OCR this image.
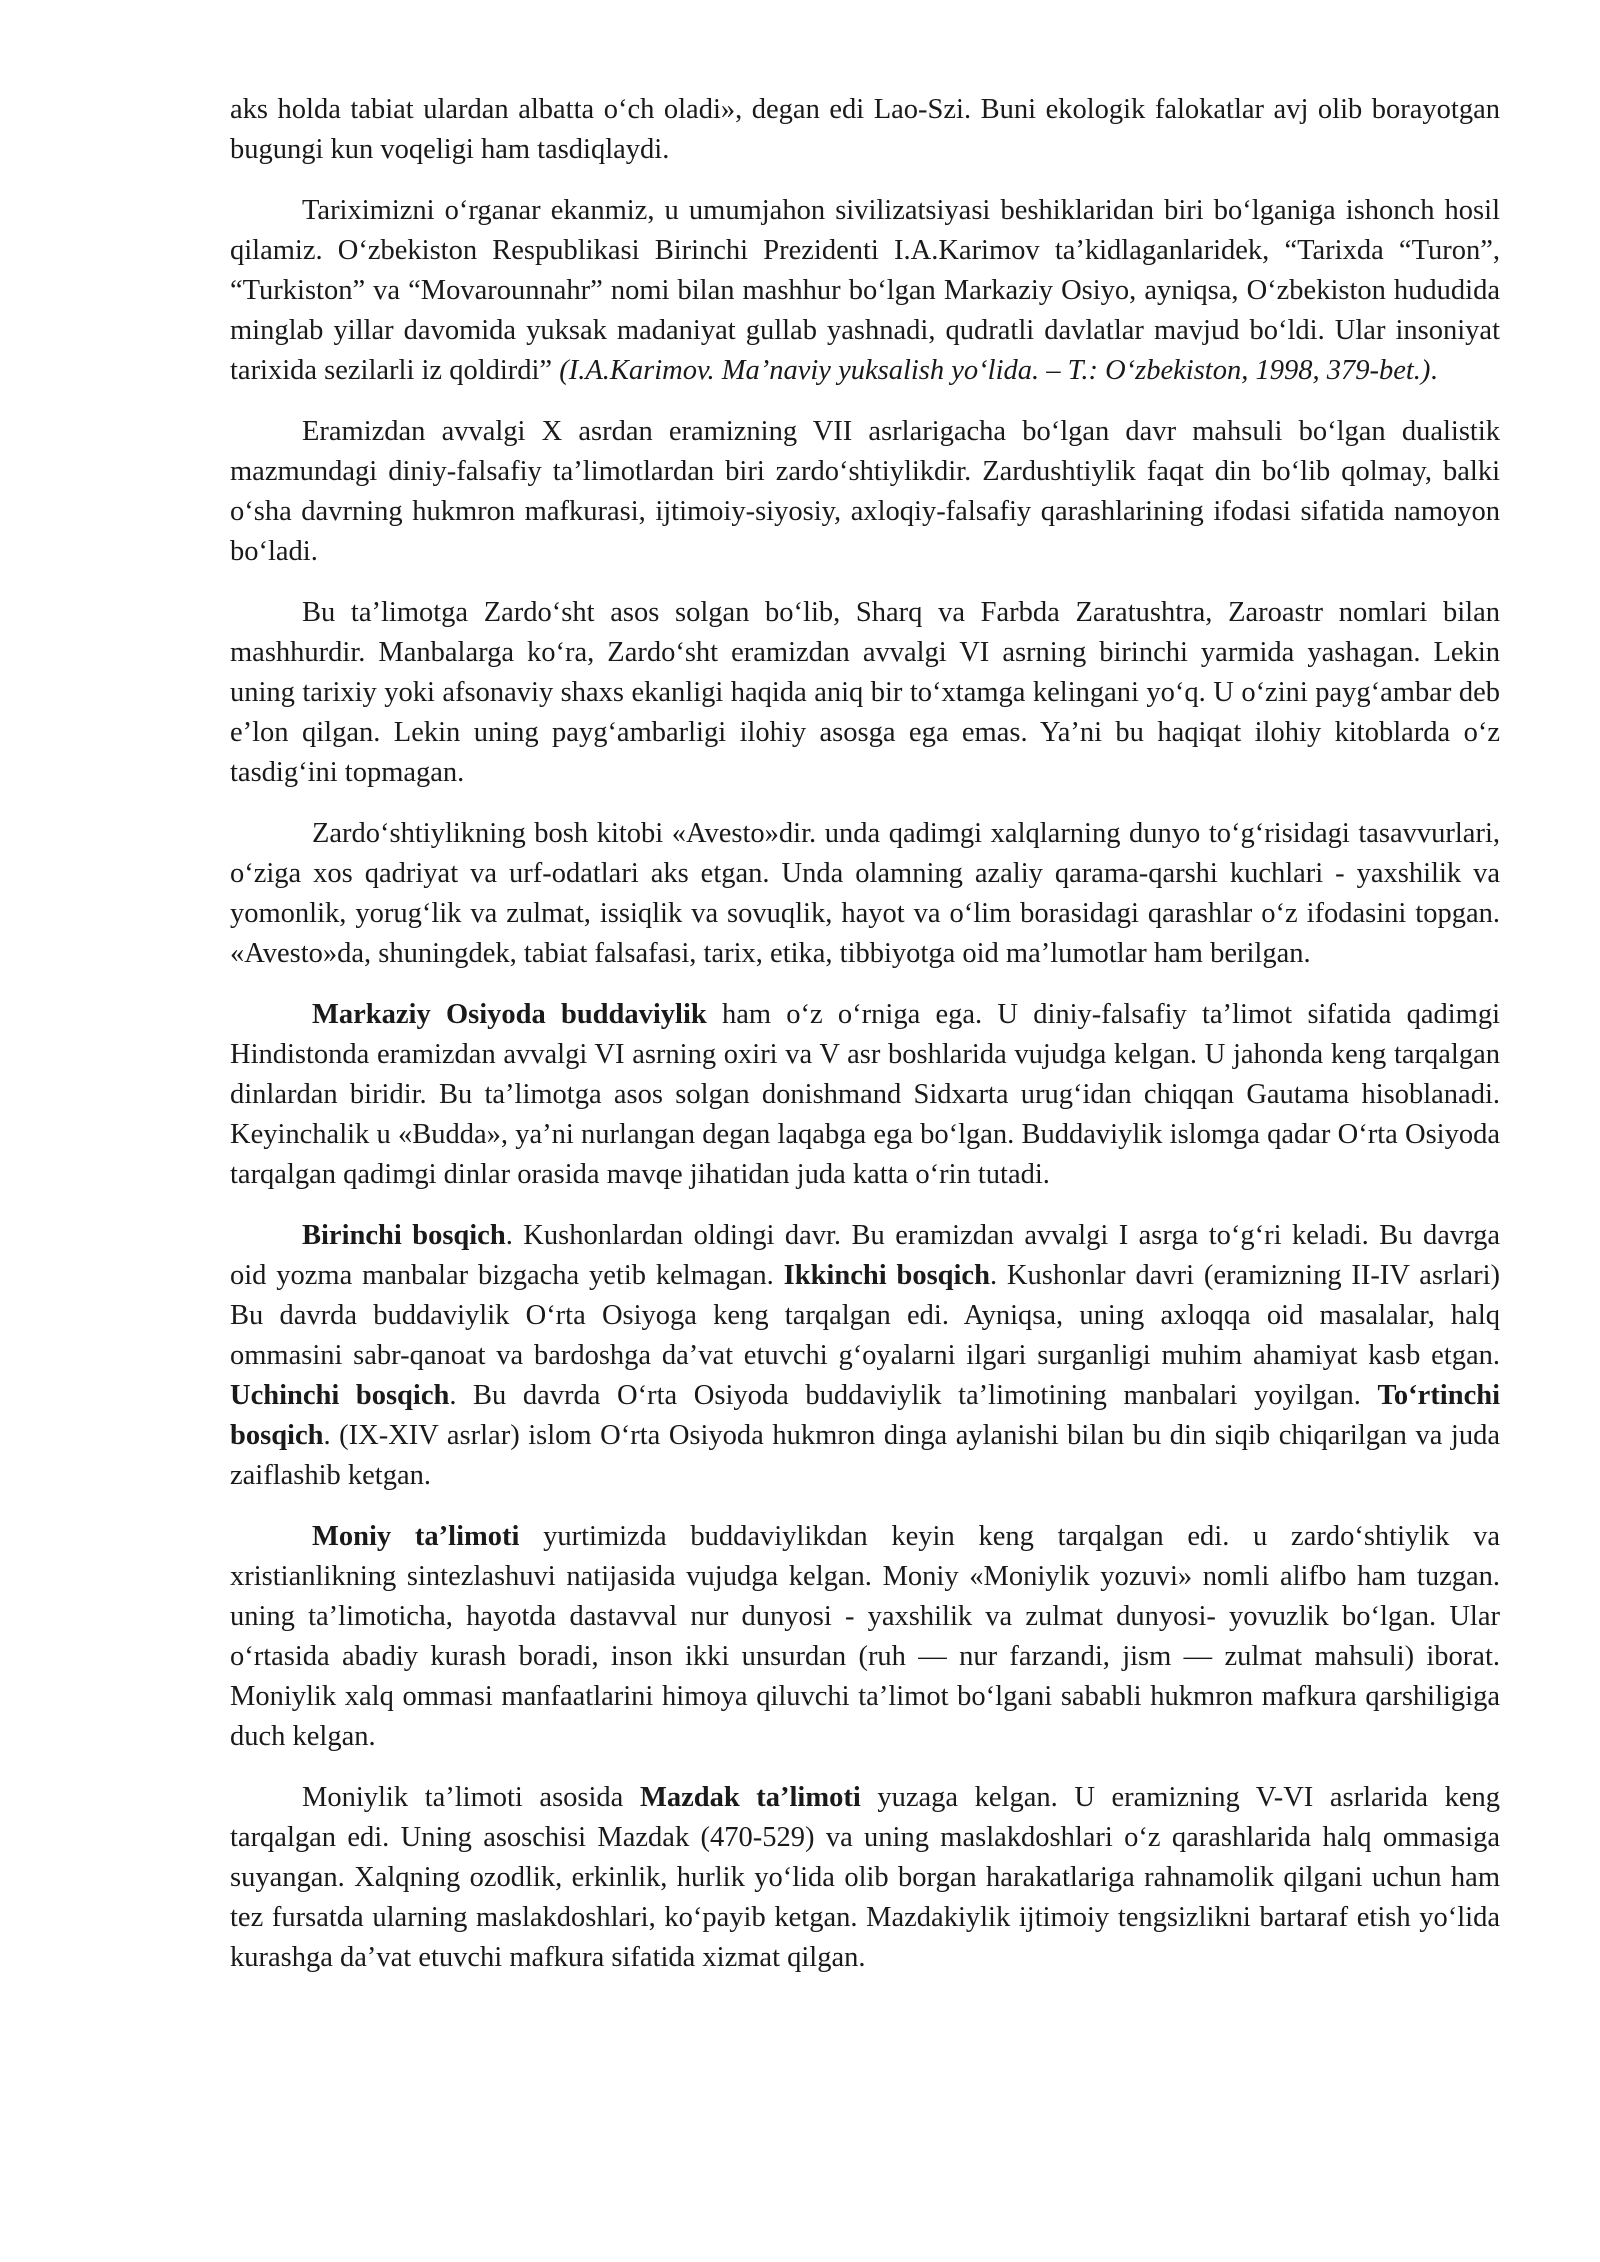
aks holda tabiat ulardan albatta o‘ch oladi», degan edi Lao-Szi. Buni ekologik falokatlar avj olib borayotgan bugungi kun voqeligi ham tasdiqlaydi.

Tariximizni o‘rganar ekanmiz, u umumjahon sivilizatsiyasi beshiklaridan biri bo‘lganiga ishonch hosil qilamiz. O‘zbekiston Respublikasi Birinchi Prezidenti I.A.Karimov ta’kidlaganlaridek, “Tarixda “Turon”, “Turkiston” va “Movarounnahr” nomi bilan mashhur bo‘lgan Markaziy Osiyo, ayniqsa, O‘zbekiston hududida minglab yillar davomida yuksak madaniyat gullab yashnadi, qudratli davlatlar mavjud bo‘ldi. Ular insoniyat tarixida sezilarli iz qoldirdi” (I.A.Karimov. Ma’naviy yuksalish yo‘lida. – T.: O‘zbekiston, 1998, 379-bet.).

Eramizdan avvalgi X asrdan eramizning VII asrlarigacha bo‘lgan davr mahsuli bo‘lgan dualistik mazmundagi diniy-falsafiy ta’limotlardan biri zardo‘shtiylikdir. Zardushtiylik faqat din bo‘lib qolmay, balki o‘sha davrning hukmron mafkurasi, ijtimoiy-siyosiy, axloqiy-falsafiy qarashlarining ifodasi sifatida namoyon bo‘ladi.

Bu ta’limotga Zardo‘sht asos solgan bo‘lib, Sharq va Farbda Zaratushtra, Zaroastr nomlari bilan mashhurdir. Manbalarga ko‘ra, Zardo‘sht eramizdan avvalgi VI asrning birinchi yarmida yashagan. Lekin uning tarixiy yoki afsonaviy shaxs ekanligi haqida aniq bir to‘xtamga kelingani yo‘q. U o‘zini payg‘ambar deb e’lon qilgan. Lekin uning payg‘ambarligi ilohiy asosga ega emas. Ya’ni bu haqiqat ilohiy kitoblarda o‘z tasdig‘ini topmagan.

Zardo‘shtiylikning bosh kitobi «Avesto»dir. unda qadimgi xalqlarning dunyo to‘g‘risidagi tasavvurlari, o‘ziga xos qadriyat va urf-odatlari aks etgan. Unda olamning azaliy qarama-qarshi kuchlari - yaxshilik va yomonlik, yorug‘lik va zulmat, issiqlik va sovuqlik, hayot va o‘lim borasidagi qarashlar o‘z ifodasini topgan. «Avesto»da, shuningdek, tabiat falsafasi, tarix, etika, tibbiyotga oid ma’lumotlar ham berilgan.

Markaziy Osiyoda buddaviylik ham o‘z o‘rniga ega. U diniy-falsafiy ta’limot sifatida qadimgi Hindistonda eramizdan avvalgi VI asrning oxiri va V asr boshlarida vujudga kelgan. U jahonda keng tarqalgan dinlardan biridir. Bu ta’limotga asos solgan donishmand Sidxarta urug‘idan chiqqan Gautama hisoblanadi. Keyinchalik u «Budda», ya’ni nurlangan degan laqabga ega bo‘lgan. Buddaviylik islomga qadar O‘rta Osiyoda tarqalgan qadimgi dinlar orasida mavqe jihatidan juda katta o‘rin tutadi.

Birinchi bosqich. Kushonlardan oldingi davr. Bu eramizdan avvalgi I asrga to‘g‘ri keladi. Bu davrga oid yozma manbalar bizgacha yetib kelmagan. Ikkinchi bosqich. Kushonlar davri (eramizning II-IV asrlari) Bu davrda buddaviylik O‘rta Osiyoga keng tarqalgan edi. Ayniqsa, uning axloqqa oid masalalar, halq ommasini sabr-qanoat va bardoshga da’vat etuvchi g‘oyalarni ilgari surganligi muhim ahamiyat kasb etgan. Uchinchi bosqich. Bu davrda O‘rta Osiyoda buddaviylik ta’limotining manbalari yoyilgan. To‘rtinchi bosqich. (IX-XIV asrlar) islom O‘rta Osiyoda hukmron dinga aylanishi bilan bu din siqib chiqarilgan va juda zaiflashib ketgan.

Moniy ta’limoti yurtimizda buddaviylikdan keyin keng tarqalgan edi. u zardo‘shtiylik va xristianlikning sintezlashuvi natijasida vujudga kelgan. Moniy «Moniylik yozuvi» nomli alifbo ham tuzgan. uning ta’limoticha, hayotda dastavval nur dunyosi - yaxshilik va zulmat dunyosi- yovuzlik bo‘lgan. Ular o‘rtasida abadiy kurash boradi, inson ikki unsurdan (ruh — nur farzandi, jism — zulmat mahsuli) iborat. Moniylik xalq ommasi manfaatlarini himoya qiluvchi ta’limot bo‘lgani sababli hukmron mafkura qarshiligiga duch kelgan.

Moniylik ta’limoti asosida Mazdak ta’limoti yuzaga kelgan. U eramizning V-VI asrlarida keng tarqalgan edi. Uning asoschisi Mazdak (470-529) va uning maslakdoshlari o‘z qarashlarida halq ommasiga suyangan. Xalqning ozodlik, erkinlik, hurlik yo‘lida olib borgan harakatlariga rahnamolik qilgani uchun ham tez fursatda ularning maslakdoshlari, ko‘payib ketgan. Mazdakiylik ijtimoiy tengsizlikni bartaraf etish yo‘lida kurashga da’vat etuvchi mafkura sifatida xizmat qilgan.
